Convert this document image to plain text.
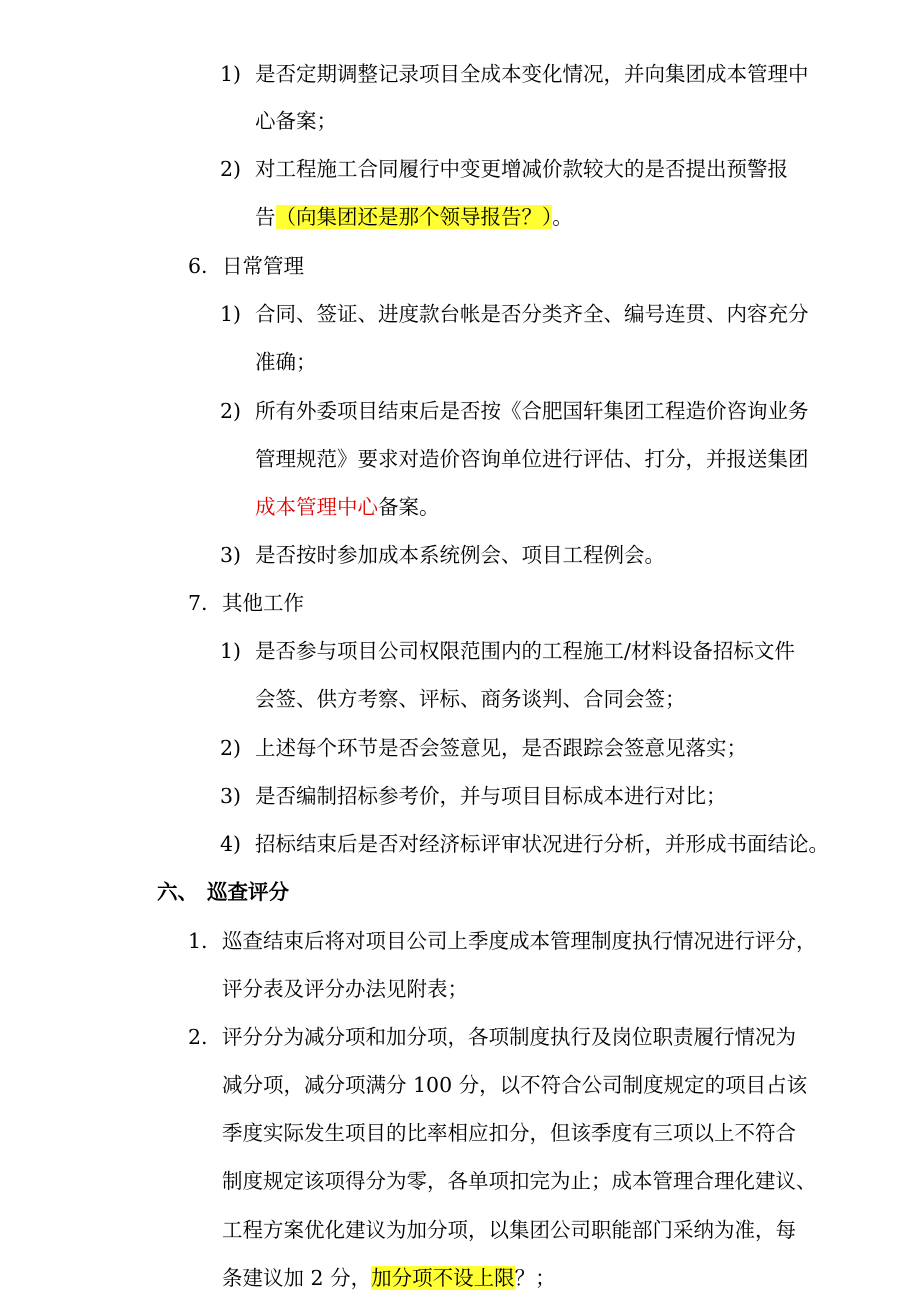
1) 是否定期调整记录项目全成本变化情况，并向集团成本管理中
心备案；
2) 对工程施工合同履行中变更增减价款较大的是否提出预警报
告（向集团还是那个领导报告？）。
6. 日常管理
1) 合同、签证、进度款台帐是否分类齐全、编号连贯、内容充分
准确；
2) 所有外委项目结束后是否按《合肥国轩集团工程造价咨询业务
管理规范》要求对造价咨询单位进行评估、打分，并报送集团
成本管理中心备案。
3) 是否按时参加成本系统例会、项目工程例会。
7. 其他工作
1) 是否参与项目公司权限范围内的工程施工/材料设备招标文件
会签、供方考察、评标、商务谈判、合同会签；
2) 上述每个环节是否会签意见，是否跟踪会签意见落实；
3) 是否编制招标参考价，并与项目目标成本进行对比；
4) 招标结束后是否对经济标评审状况进行分析，并形成书面结论。
六、 巡查评分
1. 巡查结束后将对项目公司上季度成本管理制度执行情况进行评分，
评分表及评分办法见附表；
2. 评分分为减分项和加分项，各项制度执行及岗位职责履行情况为
减分项，减分项满分 100 分，以不符合公司制度规定的项目占该
季度实际发生项目的比率相应扣分，但该季度有三项以上不符合
制度规定该项得分为零，各单项扣完为止；成本管理合理化建议、
工程方案优化建议为加分项，以集团公司职能部门采纳为准，每
条建议加 2 分，加分项不设上限？；
